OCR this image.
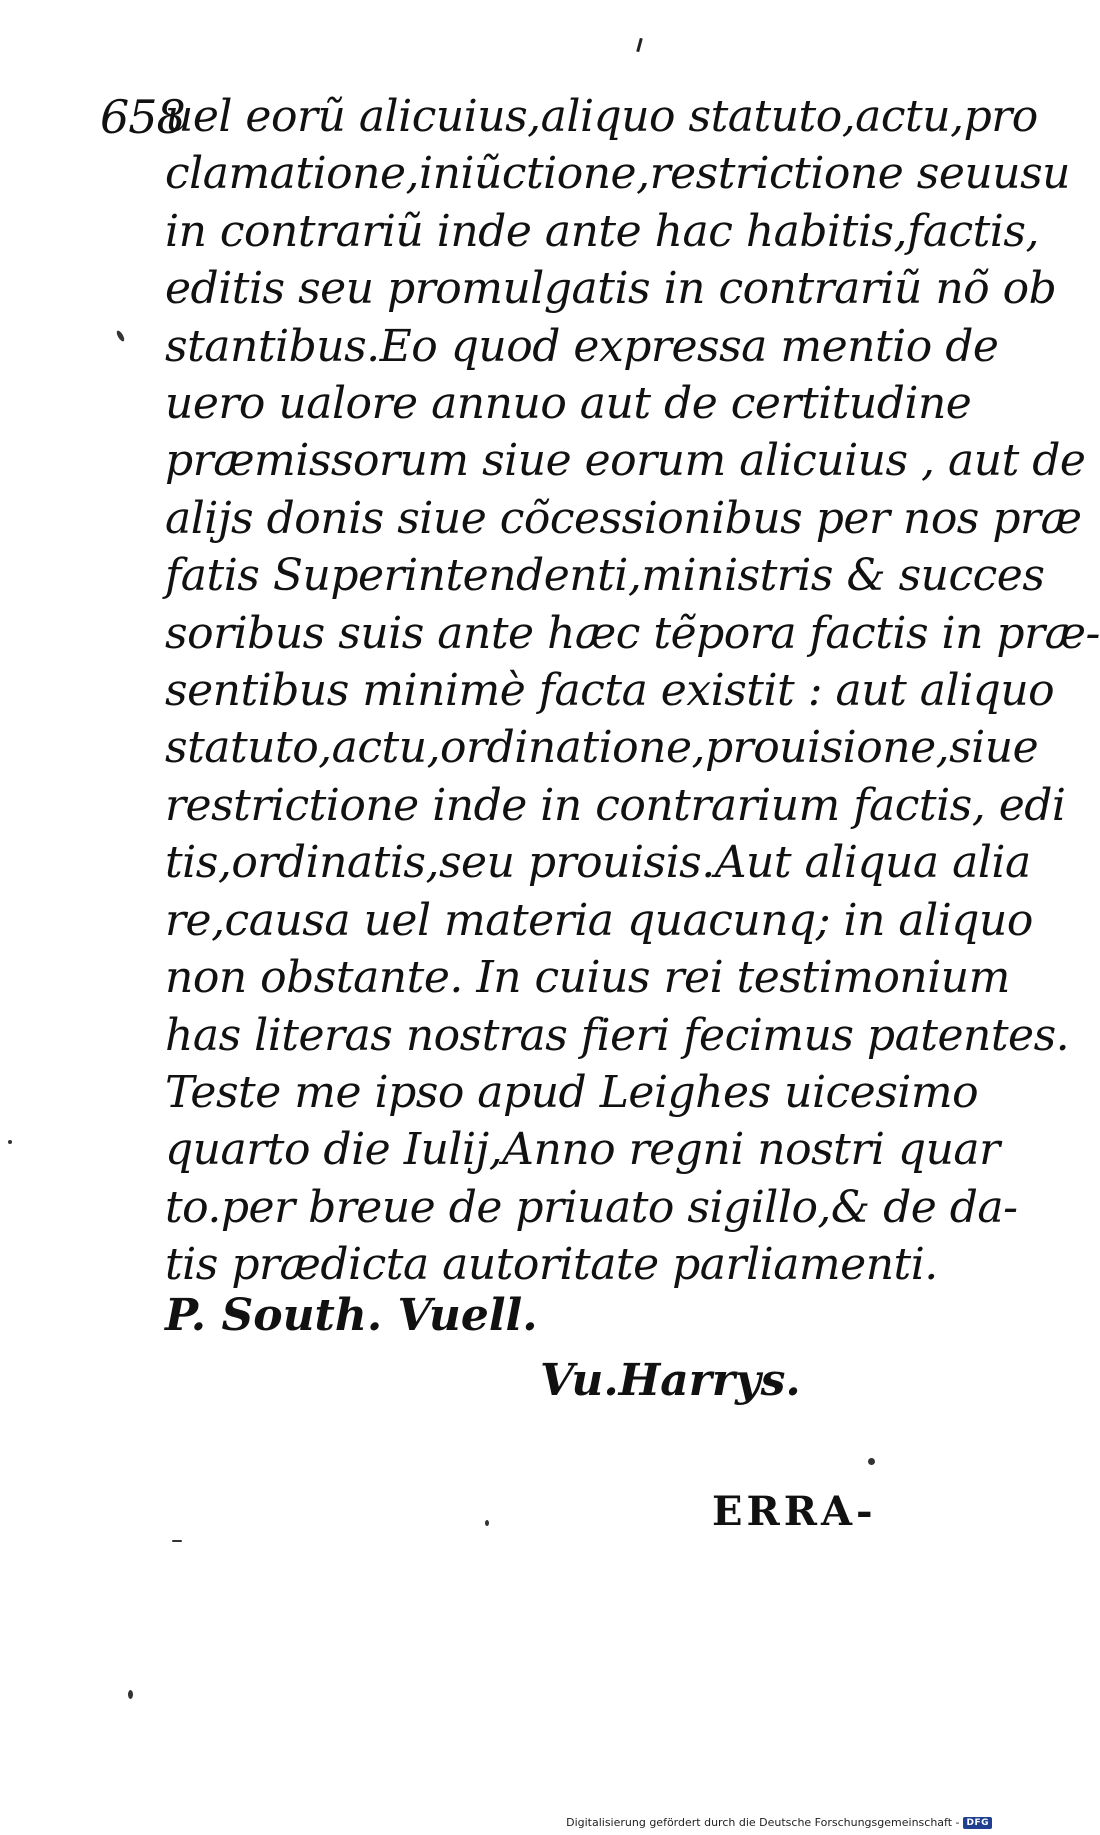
658
uel eorũ alicuius,aliquo statuto,actu,pro
clamatione,iniũctione,restrictione seuusu
in contrariũ inde ante hac habitis,factis,
editis seu promulgatis in contrariũ nõ ob
stantibus.Eo quod expressa mentio de
uero ualore annuo aut de certitudine
præmissorum siue eorum alicuius , aut de
alijs donis siue cõcessionibus per nos præ
fatis Superintendenti,ministris & succes
soribus suis ante hæc tẽpora factis in præ-
sentibus minimè facta existit : aut aliquo
statuto,actu,ordinatione,prouisione,siue
restrictione inde in contrarium factis, edi
tis,ordinatis,seu prouisis.Aut aliqua alia
re,causa uel materia quacunq; in aliquo
non obstante. In cuius rei testimonium
has literas nostras fieri fecimus patentes.
Teste me ipso apud Leighes uicesimo
quarto die Iulij,Anno regni nostri quar
to.per breue de priuato sigillo,& de da-
tis prædicta autoritate parliamenti.
P. South. Vuell.
Vu.Harrys.
ERRA-
Digitalisierung gefördert durch die Deutsche Forschungsgemeinschaft - DFG
